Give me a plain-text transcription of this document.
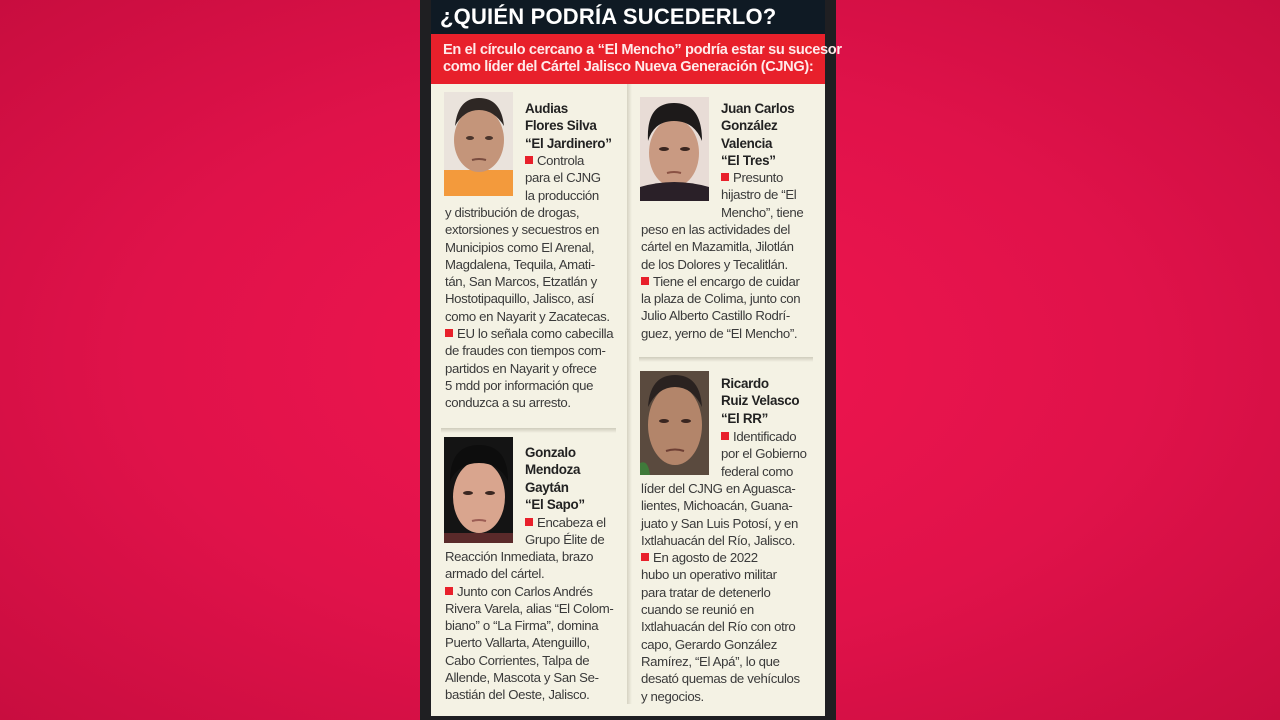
¿QUIÉN PODRÍA SUCEDERLO?
En el círculo cercano a “El Mencho” podría estar su sucesor
como líder del Cártel Jalisco Nueva Generación (CJNG):
Audias
Flores Silva
“El Jardinero”
Controla
para el CJNG
la producción
y distribución de drogas,
extorsiones y secuestros en
Municipios como El Arenal,
Magdalena, Tequila, Amati-
tán, San Marcos, Etzatlán y
Hostotipaquillo, Jalisco, así
como en Nayarit y Zacatecas.
EU lo señala como cabecilla
de fraudes con tiempos com-
partidos en Nayarit y ofrece
5 mdd por información que
conduzca a su arresto.
Gonzalo
Mendoza
Gaytán
“El Sapo”
Encabeza el
Grupo Élite de
Reacción Inmediata, brazo
armado del cártel.
Junto con Carlos Andrés
Rivera Varela, alias “El Colom-
biano” o “La Firma”, domina
Puerto Vallarta, Atenguillo,
Cabo Corrientes, Talpa de
Allende, Mascota y San Se-
bastián del Oeste, Jalisco.
Juan Carlos
González
Valencia
“El Tres”
Presunto
hijastro de “El
Mencho”, tiene
peso en las actividades del
cártel en Mazamitla, Jilotlán
de los Dolores y Tecalitlán.
Tiene el encargo de cuidar
la plaza de Colima, junto con
Julio Alberto Castillo Rodrí-
guez, yerno de “El Mencho”.
Ricardo
Ruiz Velasco
“El RR”
Identificado
por el Gobierno
federal como
líder del CJNG en Aguasca-
lientes, Michoacán, Guana-
juato y San Luis Potosí, y en
Ixtlahuacán del Río, Jalisco.
En agosto de 2022
hubo un operativo militar
para tratar de detenerlo
cuando se reunió en
Ixtlahuacán del Río con otro
capo, Gerardo González
Ramírez, “El Apá”, lo que
desató quemas de vehículos
y negocios.
